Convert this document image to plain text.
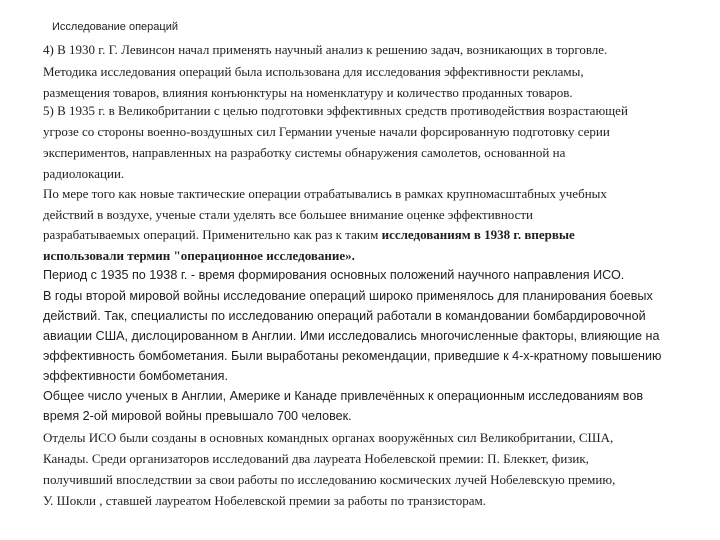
Исследование операций
4) В 1930 г. Г. Левинсон начал применять научный анализ к решению задач, возникающих в торговле.
Методика исследования операций была использована для исследования эффективности рекламы,
размещения товаров, влияния конъюнктуры на номенклатуру и количество проданных товаров.
5) В 1935 г. в Великобритании с целью подготовки эффективных средств противодействия возрастающей
угрозе со стороны военно-воздушных сил Германии ученые начали форсированную подготовку серии
экспериментов, направленных на разработку системы обнаружения самолетов, основанной на
радиолокации.
По мере того как новые тактические операции отрабатывались в рамках крупномасштабных учебных
действий в воздухе, ученые стали уделять все большее внимание оценке эффективности
разрабатываемых операций. Применительно как раз к таким исследованиям в 1938 г. впервые
использовали термин "операционное исследование».
Период с 1935 по 1938 г. - время формирования основных положений научного направления ИСО.
В годы второй мировой войны исследование операций широко применялось для планирования боевых
действий. Так, специалисты по исследованию операций работали в командовании бомбардировочной
авиации США, дислоцированном в Англии. Ими исследовались многочисленные факторы, влияющие на
эффективность бомбометания. Были выработаны рекомендации, приведшие к 4-х-кратному повышению
эффективности бомбометания.
Общее число ученых в Англии, Америке и Канаде привлечённых к операционным исследованиям вов
время 2-ой мировой войны превышало 700 человек.
Отделы ИСО были созданы в основных командных органах вооружённых сил Великобритании, США,
Канады. Среди организаторов исследований два лауреата Нобелевской премии: П. Блеккет, физик,
получивший впоследствии за свои работы по исследованию космических лучей Нобелевскую премию,
У. Шокли , ставшей лауреатом Нобелевской премии за работы по транзисторам.
